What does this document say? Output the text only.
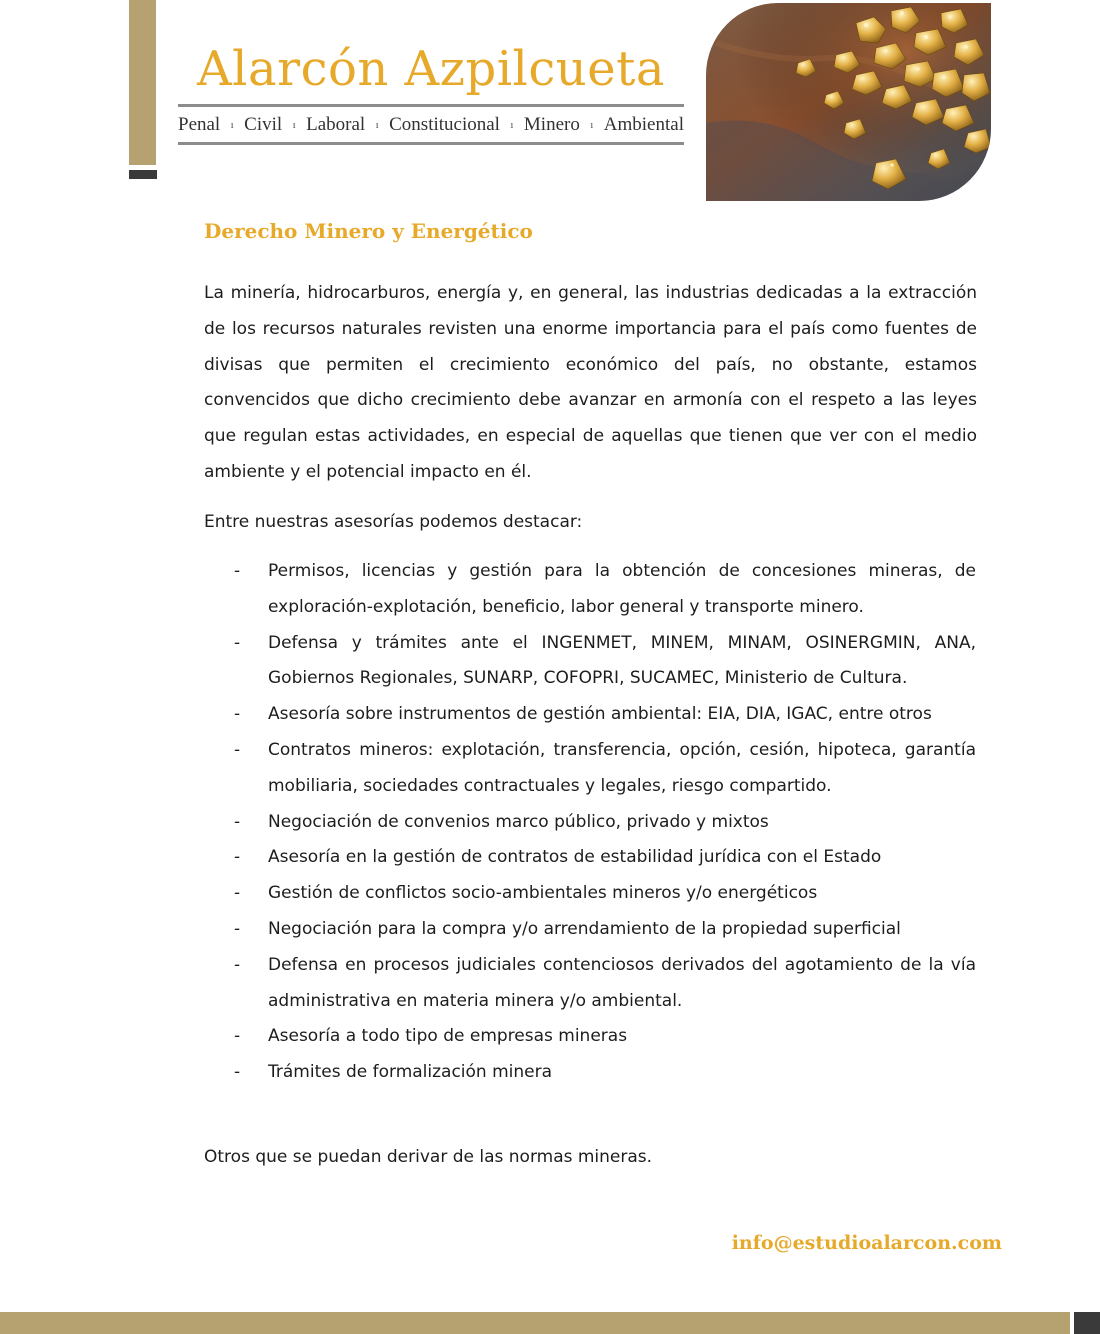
Alarcón Azpilcueta
Penal ı Civil ı Laboral ı Constitucional ı Minero ı Ambiental
Derecho Minero y Energético

La minería, hidrocarburos, energía y, en general, las industrias dedicadas a la extracción de los recursos naturales revisten una enorme importancia para el país como fuentes de divisas que permiten el crecimiento económico del país, no obstante, estamos convencidos que dicho crecimiento debe avanzar en armonía con el respeto a las leyes que regulan estas actividades, en especial de aquellas que tienen que ver con el medio ambiente y el potencial impacto en él.

Entre nuestras asesorías podemos destacar:

- Permisos, licencias y gestión para la obtención de concesiones mineras, de exploración-explotación, beneficio, labor general y transporte minero.
- Defensa y trámites ante el INGENMET, MINEM, MINAM, OSINERGMIN, ANA, Gobiernos Regionales, SUNARP, COFOPRI, SUCAMEC, Ministerio de Cultura.
- Asesoría sobre instrumentos de gestión ambiental: EIA, DIA, IGAC, entre otros
- Contratos mineros: explotación, transferencia, opción, cesión, hipoteca, garantía mobiliaria, sociedades contractuales y legales, riesgo compartido.
- Negociación de convenios marco público, privado y mixtos
- Asesoría en la gestión de contratos de estabilidad jurídica con el Estado
- Gestión de conflictos socio-ambientales mineros y/o energéticos
- Negociación para la compra y/o arrendamiento de la propiedad superficial
- Defensa en procesos judiciales contenciosos derivados del agotamiento de la vía administrativa en materia minera y/o ambiental.
- Asesoría a todo tipo de empresas mineras
- Trámites de formalización minera

Otros que se puedan derivar de las normas mineras.

info@estudioalarcon.com
